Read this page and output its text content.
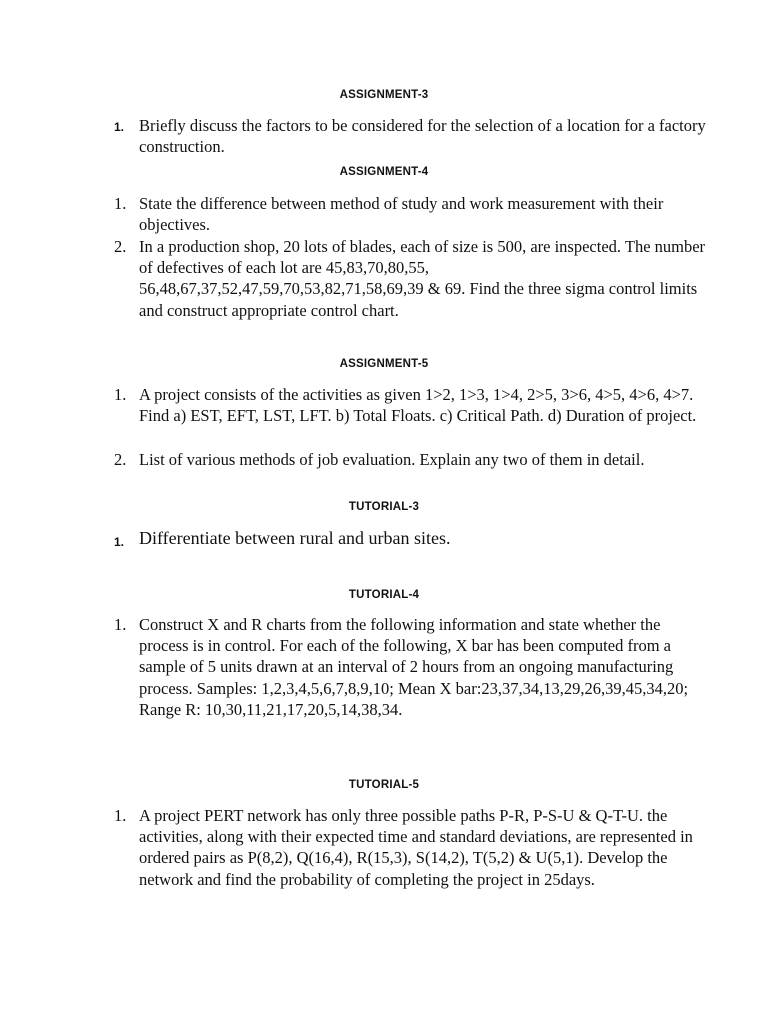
ASSIGNMENT-3
1. Briefly discuss the factors to be considered for the selection of a location for a factory construction.
ASSIGNMENT-4
1. State the difference between method of study and work measurement with their objectives.
2. In a production shop, 20 lots of blades, each of size is 500, are inspected. The number of defectives of each lot are 45,83,70,80,55, 56,48,67,37,52,47,59,70,53,82,71,58,69,39 & 69. Find the three sigma control limits and construct appropriate control chart.
ASSIGNMENT-5
1. A project consists of the activities as given 1>2, 1>3, 1>4, 2>5, 3>6, 4>5, 4>6, 4>7. Find a) EST, EFT, LST, LFT. b) Total Floats. c) Critical Path. d) Duration of project.
2. List of various methods of job evaluation. Explain any two of them in detail.
TUTORIAL-3
1. Differentiate between rural and urban sites.
TUTORIAL-4
1. Construct X and R charts from the following information and state whether the process is in control. For each of the following, X bar has been computed from a sample of 5 units drawn at an interval of 2 hours from an ongoing manufacturing process. Samples: 1,2,3,4,5,6,7,8,9,10; Mean X bar:23,37,34,13,29,26,39,45,34,20; Range R: 10,30,11,21,17,20,5,14,38,34.
TUTORIAL-5
1. A project PERT network has only three possible paths P-R, P-S-U & Q-T-U. the activities, along with their expected time and standard deviations, are represented in ordered pairs as P(8,2), Q(16,4), R(15,3), S(14,2), T(5,2) & U(5,1). Develop the network and find the probability of completing the project in 25days.
